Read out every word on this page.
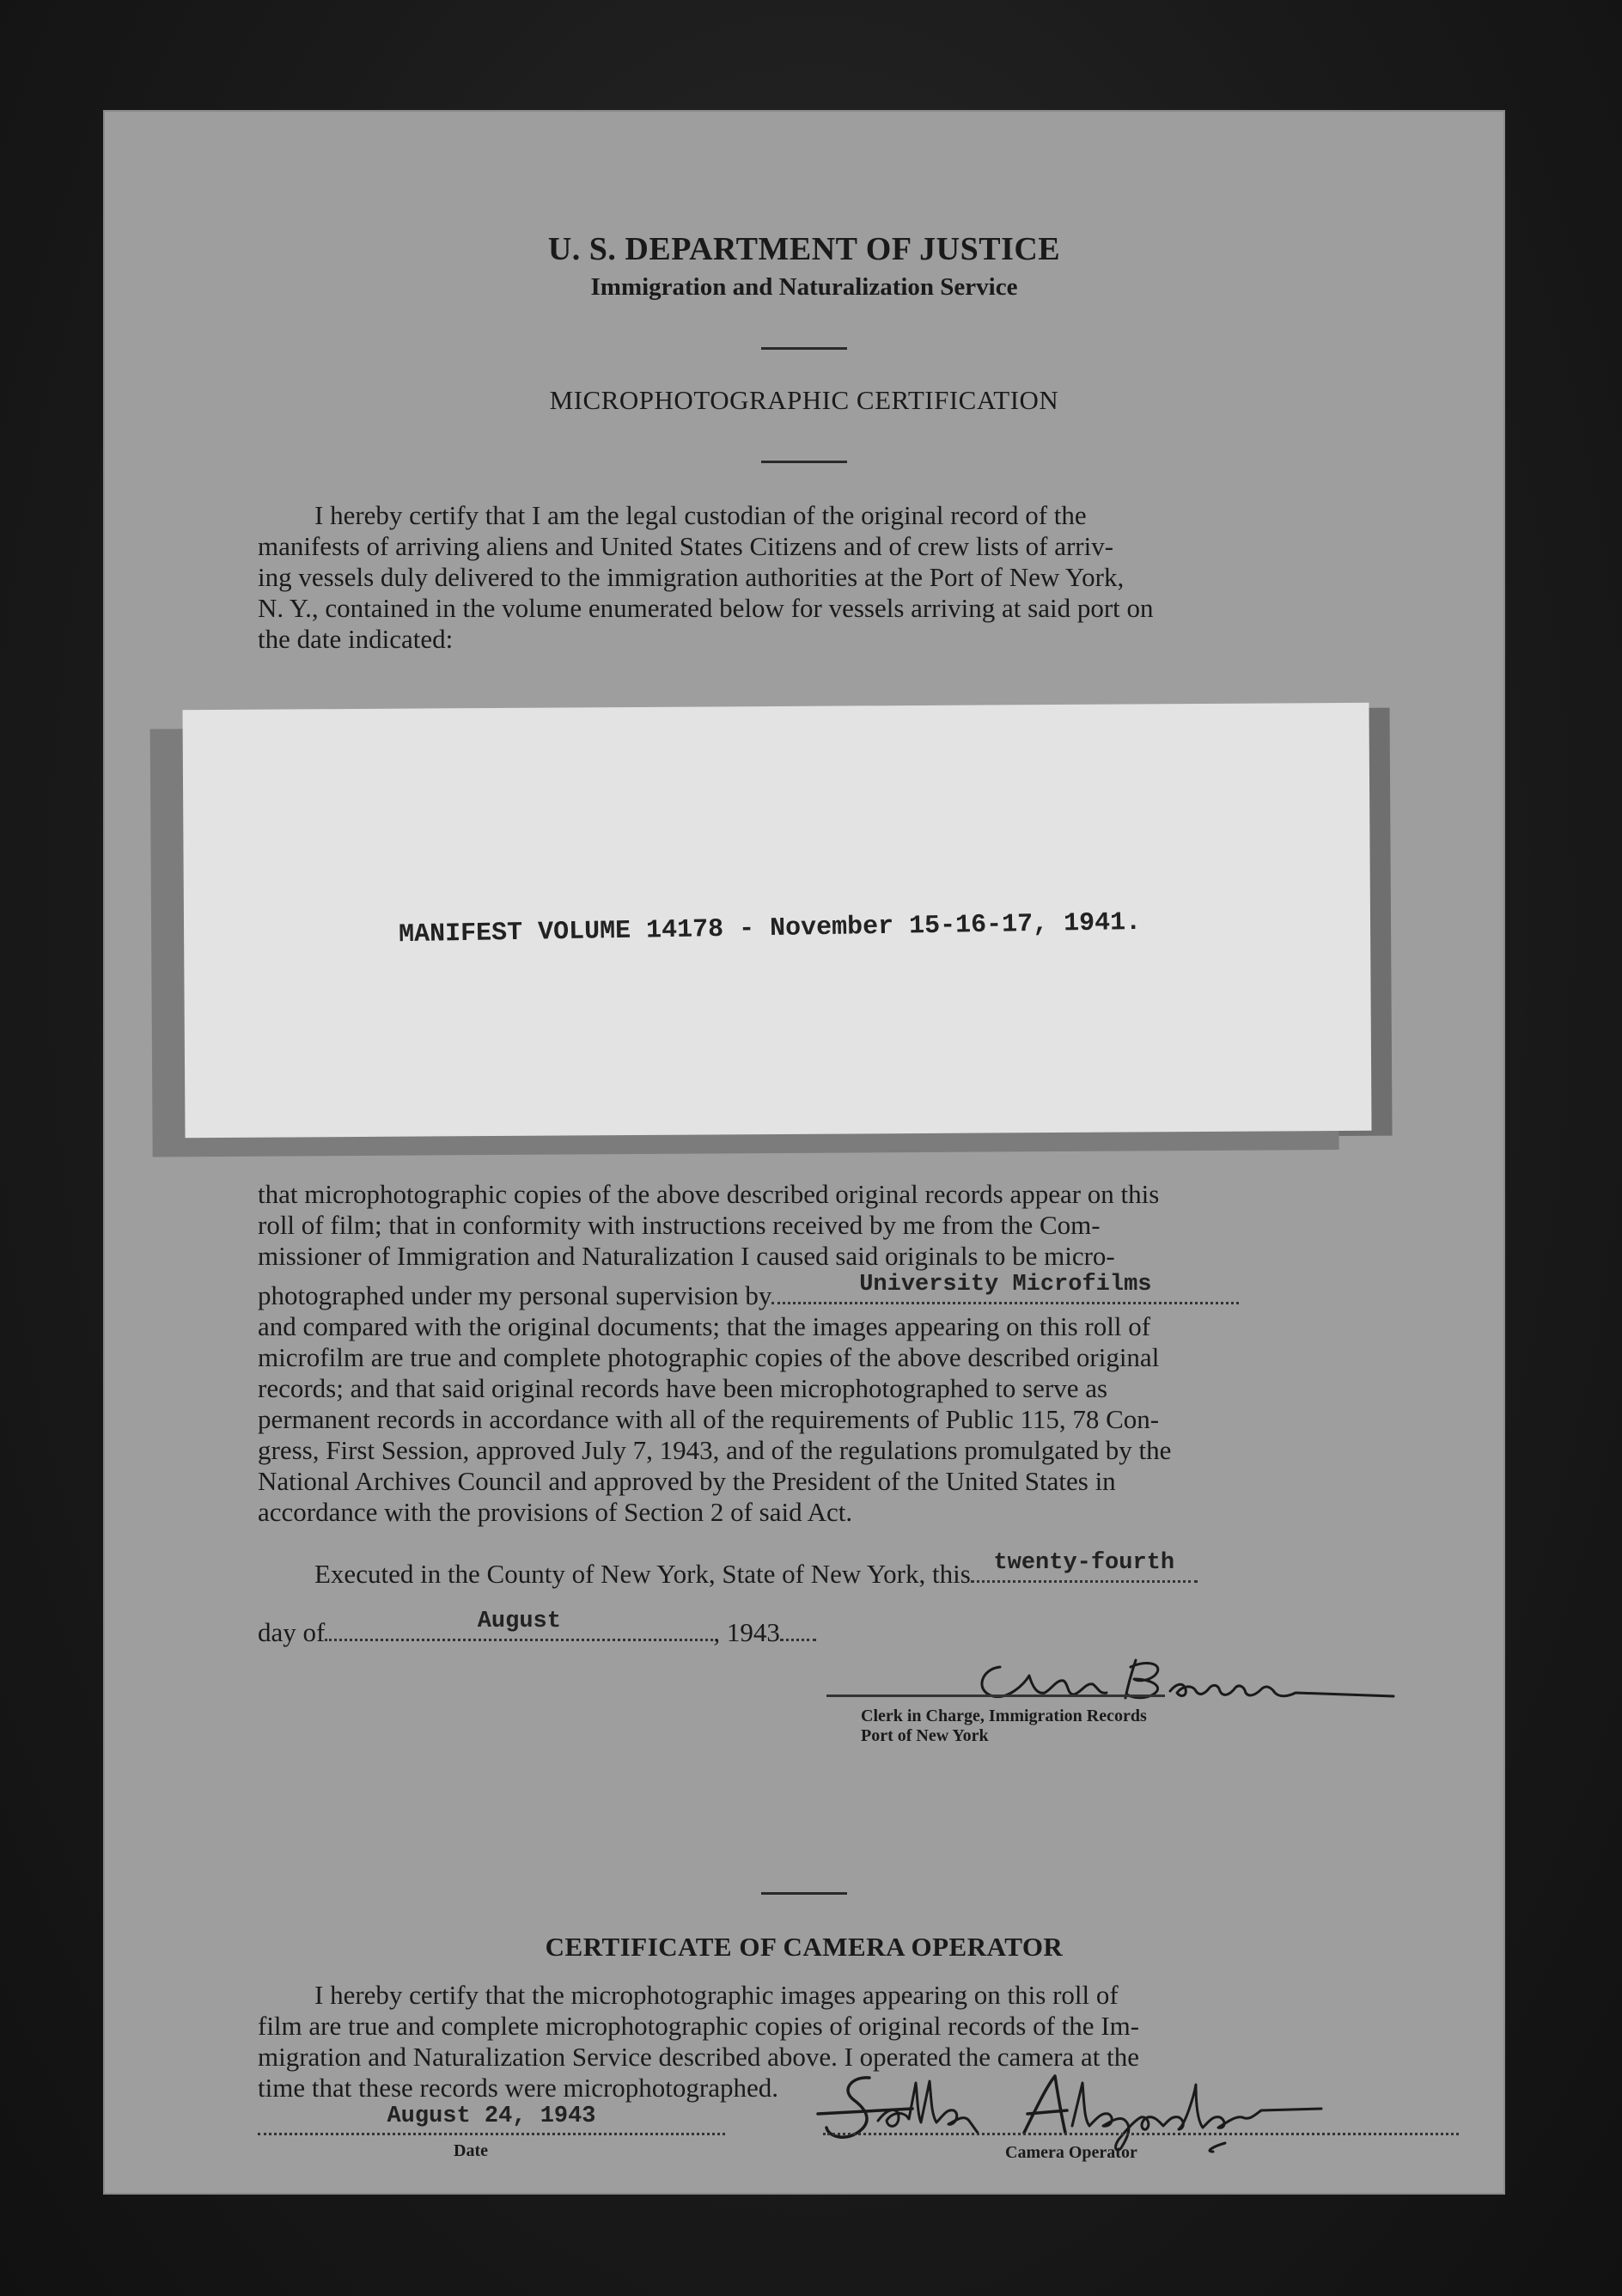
U. S. DEPARTMENT OF JUSTICE
Immigration and Naturalization Service
MICROPHOTOGRAPHIC CERTIFICATION
I hereby certify that I am the legal custodian of the original record of the
manifests of arriving aliens and United States Citizens and of crew lists of arriv-
ing vessels duly delivered to the immigration authorities at the Port of New York,
N. Y., contained in the volume enumerated below for vessels arriving at said port on
the date indicated:
MANIFEST VOLUME 14178 - November 15-16-17, 1941.
that microphotographic copies of the above described original records appear on this
roll of film; that in conformity with instructions received by me from the Com-
missioner of Immigration and Naturalization I caused said originals to be micro-
photographed under my personal supervision by	University Microfilms
and compared with the original documents; that the images appearing on this roll of
microfilm are true and complete photographic copies of the above described original
records; and that said original records have been microphotographed to serve as
permanent records in accordance with all of the requirements of Public 115, 78 Con-
gress, First Session, approved July 7, 1943, and of the regulations promulgated by the
National Archives Council and approved by the President of the United States in
accordance with the provisions of Section 2 of said Act.
Executed in the County of New York, State of New York, this twenty-fourth
day of	August	, 1943
Clerk in Charge, Immigration Records
Port of New York
CERTIFICATE OF CAMERA OPERATOR
I hereby certify that the microphotographic images appearing on this roll of
film are true and complete microphotographic copies of original records of the Im-
migration and Naturalization Service described above. I operated the camera at the
time that these records were microphotographed.
August 24, 1943
Date	Camera Operator
